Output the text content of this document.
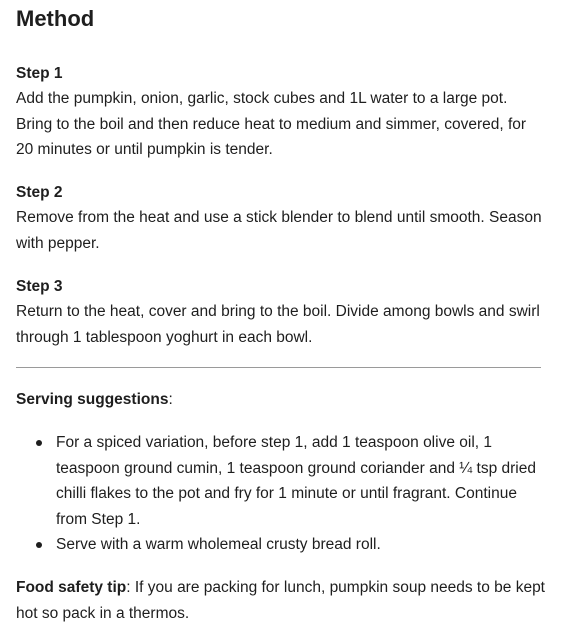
Method

Step 1

Add the pumpkin, onion, garlic, stock cubes and 1L water to a large pot. Bring to the boil and then reduce heat to medium and simmer, covered, for 20 minutes or until pumpkin is tender.

Step 2

Remove from the heat and use a stick blender to blend until smooth. Season with pepper.

Step 3

Return to the heat, cover and bring to the boil. Divide among bowls and swirl through 1 tablespoon yoghurt in each bowl.

Serving suggestions:

For a spiced variation, before step 1, add 1 teaspoon olive oil, 1 teaspoon ground cumin, 1 teaspoon ground coriander and ¼ tsp dried chilli flakes to the pot and fry for 1 minute or until fragrant. Continue from Step 1.
Serve with a warm wholemeal crusty bread roll.

Food safety tip: If you are packing for lunch, pumpkin soup needs to be kept hot so pack in a thermos.
